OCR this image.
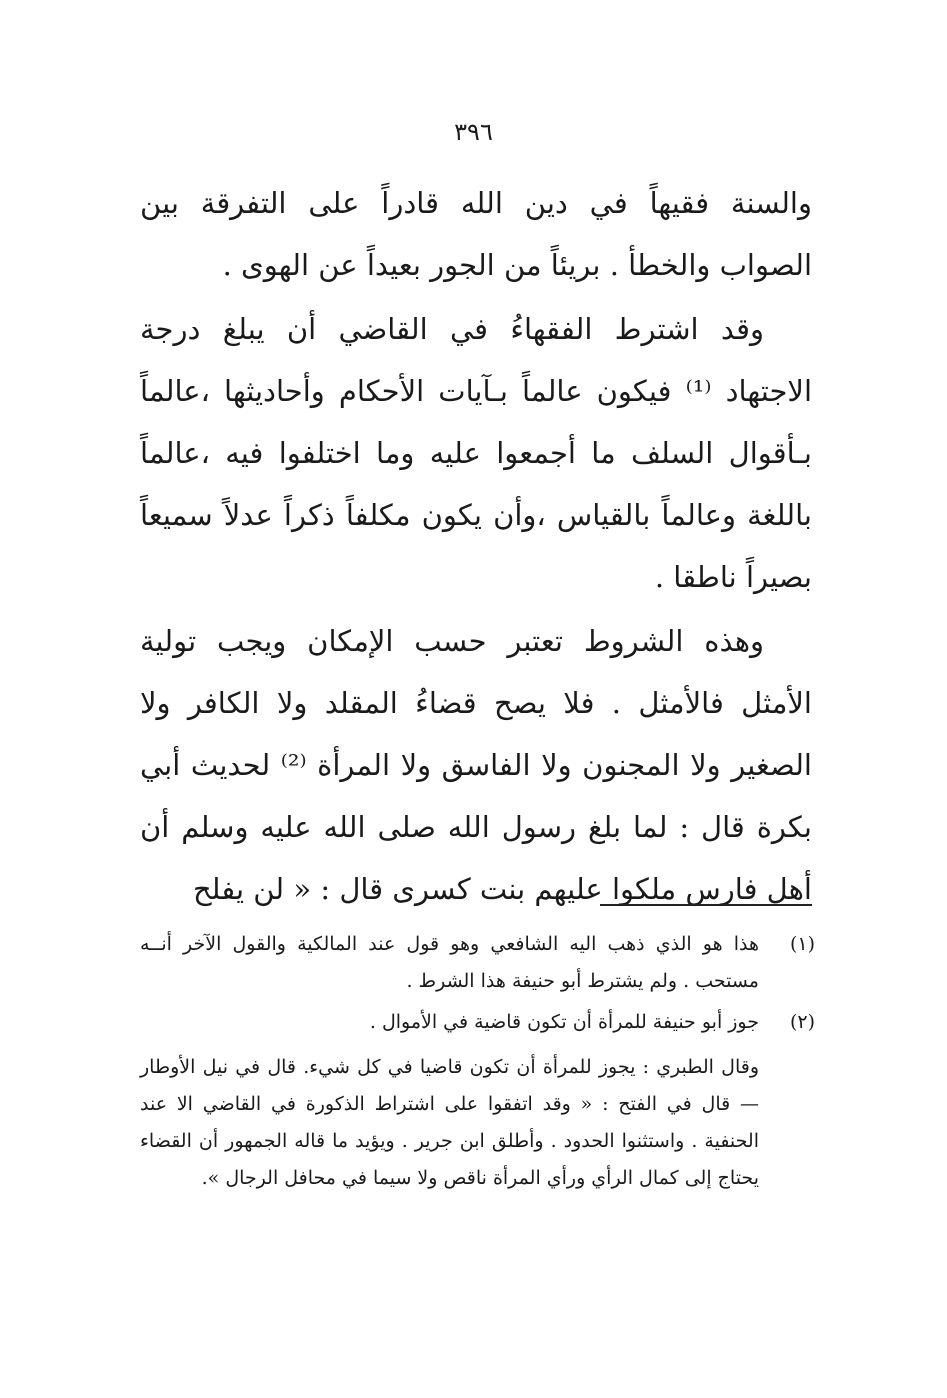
٣٩٦

والسنة فقيهاً في دين الله قادراً على التفرقة بين الصواب والخطأ . بريئاً من الجور بعيداً عن الهوى .

وقد اشترط الفقهاءُ في القاضي أن يبلغ درجة الاجتهاد ⁽¹⁾ فيكون عالماً بـآيات الأحكام وأحاديثها ،عالماً بـأقوال السلف ما أجمعوا عليه وما اختلفوا فيه ،عالماً باللغة وعالماً بالقياس ،وأن يكون مكلفاً ذكراً عدلاً سميعاً بصيراً ناطقا .

وهذه الشروط تعتبر حسب الإمكان ويجب تولية الأمثل فالأمثل . فلا يصح قضاءُ المقلد ولا الكافر ولا الصغير ولا المجنون ولا الفاسق ولا المرأة ⁽²⁾ لحديث أبي بكرة قال : لما بلغ رسول الله صلى الله عليه وسلم أن أهل فارس ملكوا عليهم بنت كسرى قال : « لن يفلح

(١)
هذا هو الذي ذهب اليه الشافعي وهو قول عند المالكية والقول الآخر أنــه مستحب . ولم يشترط أبو حنيفة هذا الشرط .
(٢)
جوز أبو حنيفة للمرأة أن تكون قاضية في الأموال .
وقال الطبري : يجوز للمرأة أن تكون قاضيا في كل شيء. قال في نيل الأوطار — قال في الفتح : « وقد اتفقوا على اشتراط الذكورة في القاضي الا عند الحنفية . واستثنوا الحدود . وأطلق ابن جرير . ويؤيد ما قاله الجمهور أن القضاء يحتاج إلى كمال الرأي ورأي المرأة ناقص ولا سيما في محافل الرجال ».
